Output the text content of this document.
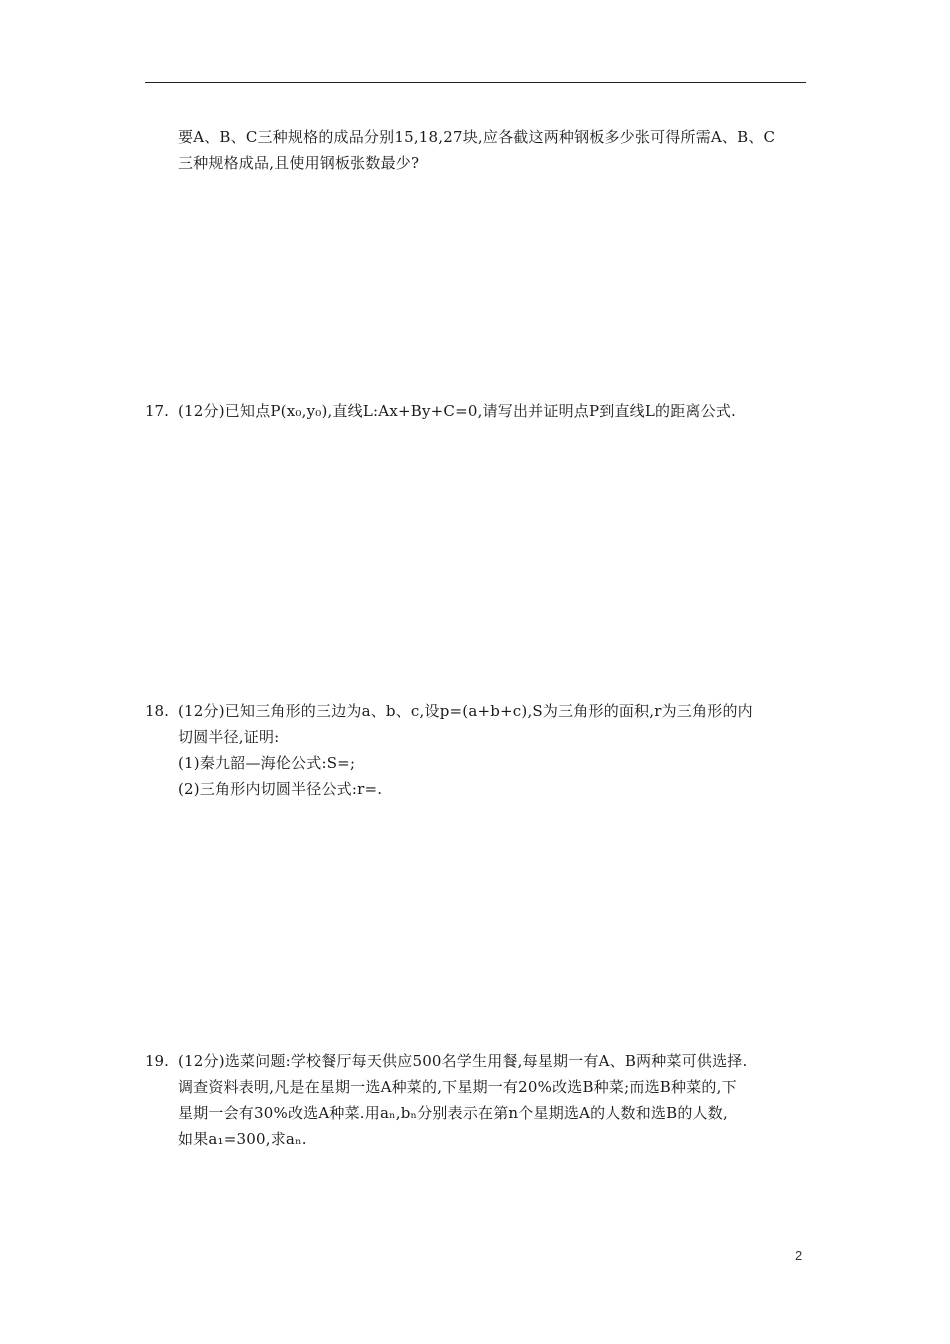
要A、B、C三种规格的成品分别15,18,27块,应各截这两种钢板多少张可得所需A、B、C
三种规格成品,且使用钢板张数最少?
17. (12分)已知点P(x₀,y₀),直线L:Ax+By+C=0,请写出并证明点P到直线L的距离公式.
18. (12分)已知三角形的三边为a、b、c,设p=(a+b+c),S为三角形的面积,r为三角形的内
切圆半径,证明:
(1)秦九韶—海伦公式:S=;
(2)三角形内切圆半径公式:r=.
19. (12分)选菜问题:学校餐厅每天供应500名学生用餐,每星期一有A、B两种菜可供选择.
调查资料表明,凡是在星期一选A种菜的,下星期一有20%改选B种菜;而选B种菜的,下
星期一会有30%改选A种菜.用aₙ,bₙ分别表示在第n个星期选A的人数和选B的人数,
如果a₁=300,求aₙ.
2
